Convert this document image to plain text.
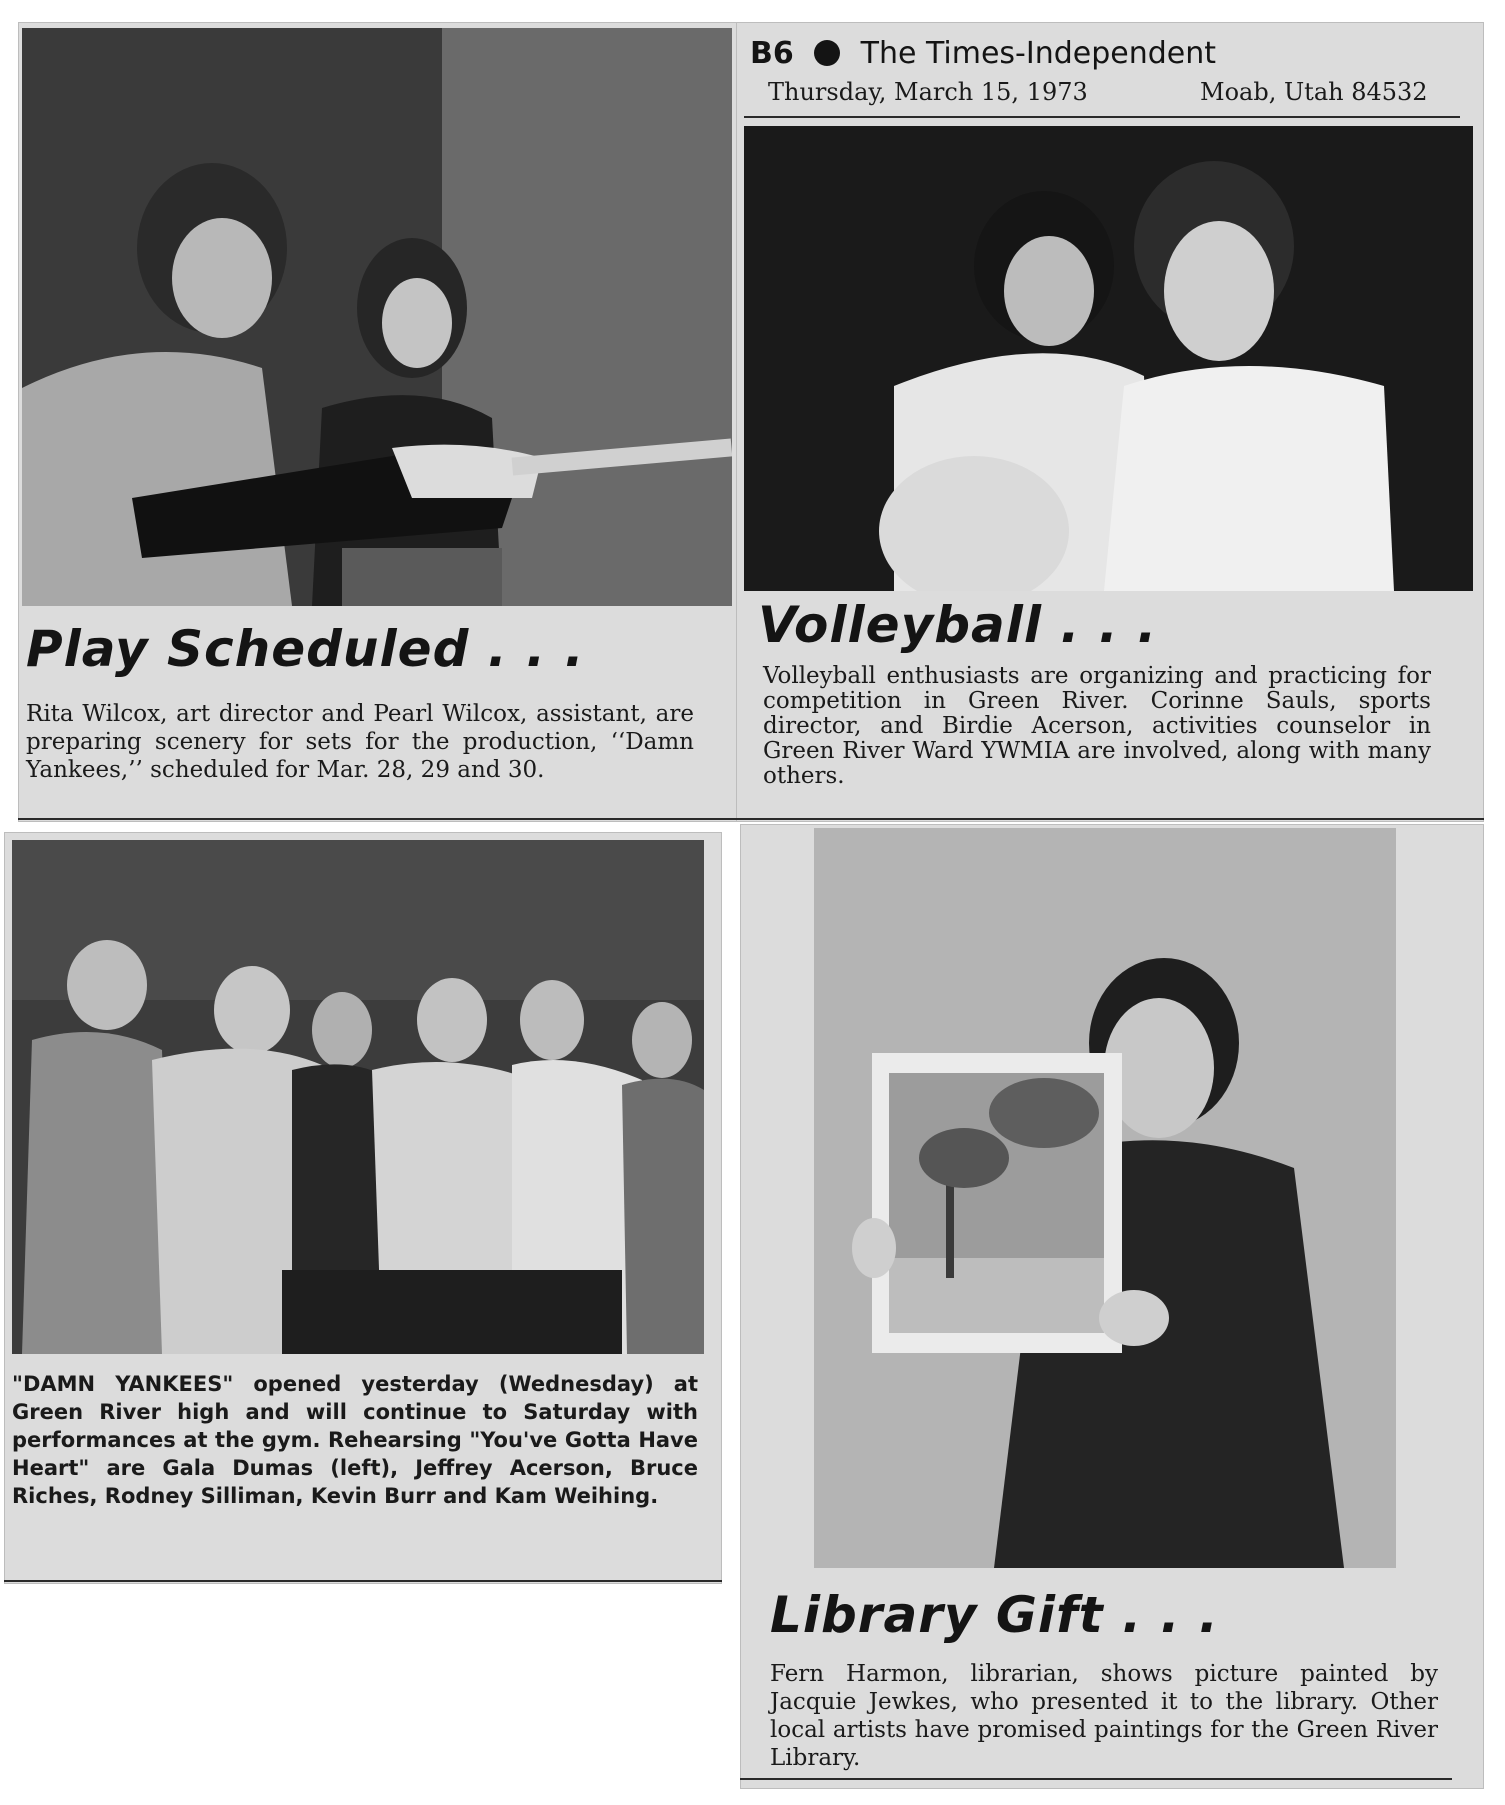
Play Scheduled . . .

Rita Wilcox, art director and Pearl Wilcox, assistant, are preparing scenery for sets for the production, ‘‘Damn Yankees,’’ scheduled for Mar. 28, 29 and 30.

B6 The Times-Independent
Thursday, March 15, 1973	Moab, Utah 84532
Volleyball . . .

Volleyball enthusiasts are organizing and practicing for competition in Green River. Corinne Sauls, sports director, and Birdie Acerson, activities counselor in Green River Ward YWMIA are involved, along with many others.

"DAMN YANKEES" opened yesterday (Wednesday) at Green River high and will continue to Saturday with performances at the gym. Rehearsing "You've Gotta Have Heart" are Gala Dumas (left), Jeffrey Acerson, Bruce Riches, Rodney Silliman, Kevin Burr and Kam Weihing.

Library Gift . . .

Fern Harmon, librarian, shows picture painted by Jacquie Jewkes, who presented it to the library. Other local artists have promised paintings for the Green River Library.
